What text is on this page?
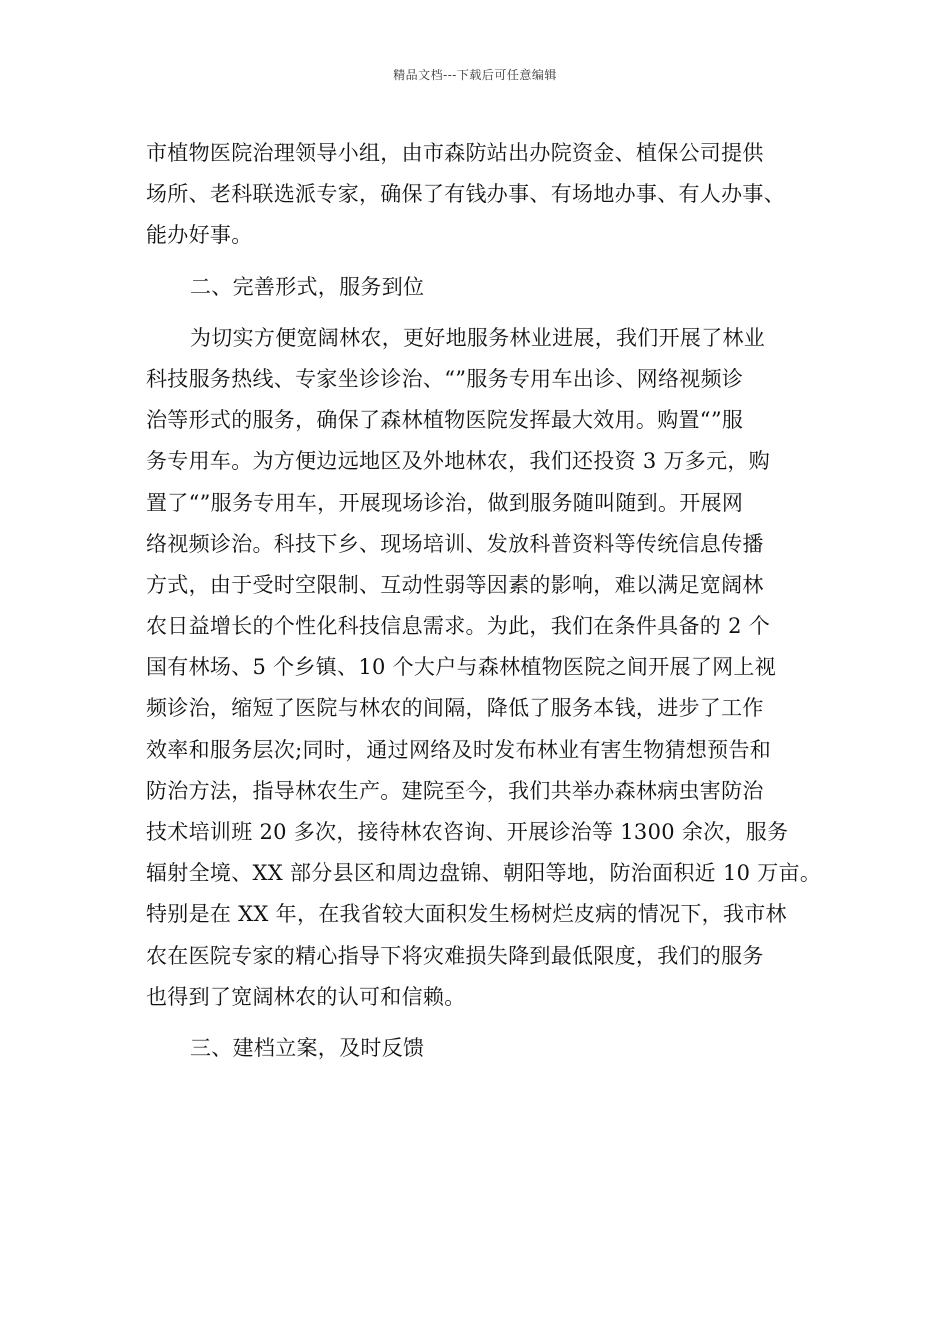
精品文档---下载后可任意编辑
市植物医院治理领导小组，由市森防站出办院资金、植保公司提供
场所、老科联选派专家，确保了有钱办事、有场地办事、有人办事、
能办好事。
二、完善形式，服务到位
为切实方便宽阔林农，更好地服务林业进展，我们开展了林业
科技服务热线、专家坐诊诊治、“”服务专用车出诊、网络视频诊
治等形式的服务，确保了森林植物医院发挥最大效用。购置“”服
务专用车。为方便边远地区及外地林农，我们还投资 3 万多元，购
置了“”服务专用车，开展现场诊治，做到服务随叫随到。开展网
络视频诊治。科技下乡、现场培训、发放科普资料等传统信息传播
方式，由于受时空限制、互动性弱等因素的影响，难以满足宽阔林
农日益增长的个性化科技信息需求。为此，我们在条件具备的 2 个
国有林场、5 个乡镇、10 个大户与森林植物医院之间开展了网上视
频诊治，缩短了医院与林农的间隔，降低了服务本钱，进步了工作
效率和服务层次;同时，通过网络及时发布林业有害生物猜想预告和
防治方法，指导林农生产。建院至今，我们共举办森林病虫害防治
技术培训班 20 多次，接待林农咨询、开展诊治等 1300 余次，服务
辐射全境、XX 部分县区和周边盘锦、朝阳等地，防治面积近 10 万亩。
特别是在 XX 年，在我省较大面积发生杨树烂皮病的情况下，我市林
农在医院专家的精心指导下将灾难损失降到最低限度，我们的服务
也得到了宽阔林农的认可和信赖。
三、建档立案，及时反馈
